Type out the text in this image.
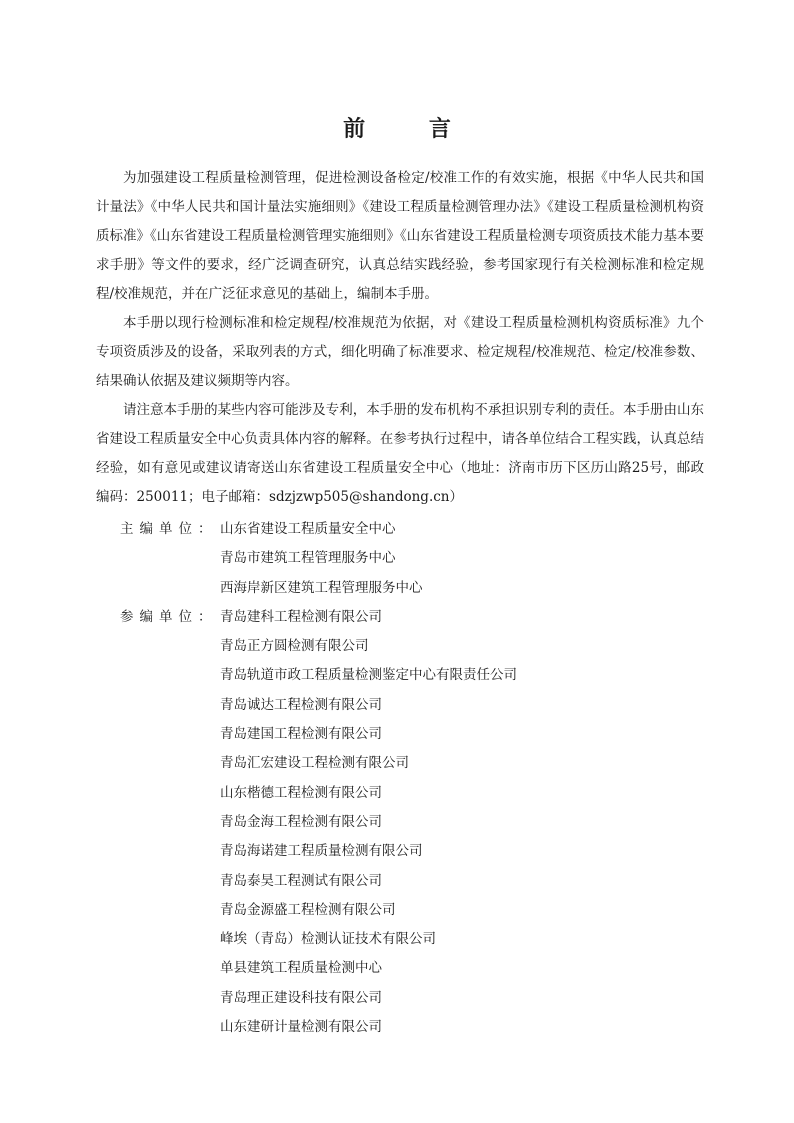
前 言

为加强建设工程质量检测管理，促进检测设备检定/校准工作的有效实施，根据《中华人民共和国计量法》《中华人民共和国计量法实施细则》《建设工程质量检测管理办法》《建设工程质量检测机构资质标准》《山东省建设工程质量检测管理实施细则》《山东省建设工程质量检测专项资质技术能力基本要求手册》等文件的要求，经广泛调查研究，认真总结实践经验，参考国家现行有关检测标准和检定规程/校准规范，并在广泛征求意见的基础上，编制本手册。

本手册以现行检测标准和检定规程/校准规范为依据，对《建设工程质量检测机构资质标准》九个专项资质涉及的设备，采取列表的方式，细化明确了标准要求、检定规程/校准规范、检定/校准参数、结果确认依据及建议频期等内容。

请注意本手册的某些内容可能涉及专利，本手册的发布机构不承担识别专利的责任。本手册由山东省建设工程质量安全中心负责具体内容的解释。在参考执行过程中，请各单位结合工程实践，认真总结经验，如有意见或建议请寄送山东省建设工程质量安全中心（地址：济南市历下区历山路25号，邮政编码：250011；电子邮箱：sdzjzwp505@shandong.cn）

主编单位： 山东省建设工程质量安全中心
青岛市建筑工程管理服务中心
西海岸新区建筑工程管理服务中心
参编单位： 青岛建科工程检测有限公司
青岛正方圆检测有限公司
青岛轨道市政工程质量检测鉴定中心有限责任公司
青岛诚达工程检测有限公司
青岛建国工程检测有限公司
青岛汇宏建设工程检测有限公司
山东楷德工程检测有限公司
青岛金海工程检测有限公司
青岛海诺建工程质量检测有限公司
青岛泰昊工程测试有限公司
青岛金源盛工程检测有限公司
峰埃（青岛）检测认证技术有限公司
单县建筑工程质量检测中心
青岛理正建设科技有限公司
山东建研计量检测有限公司
